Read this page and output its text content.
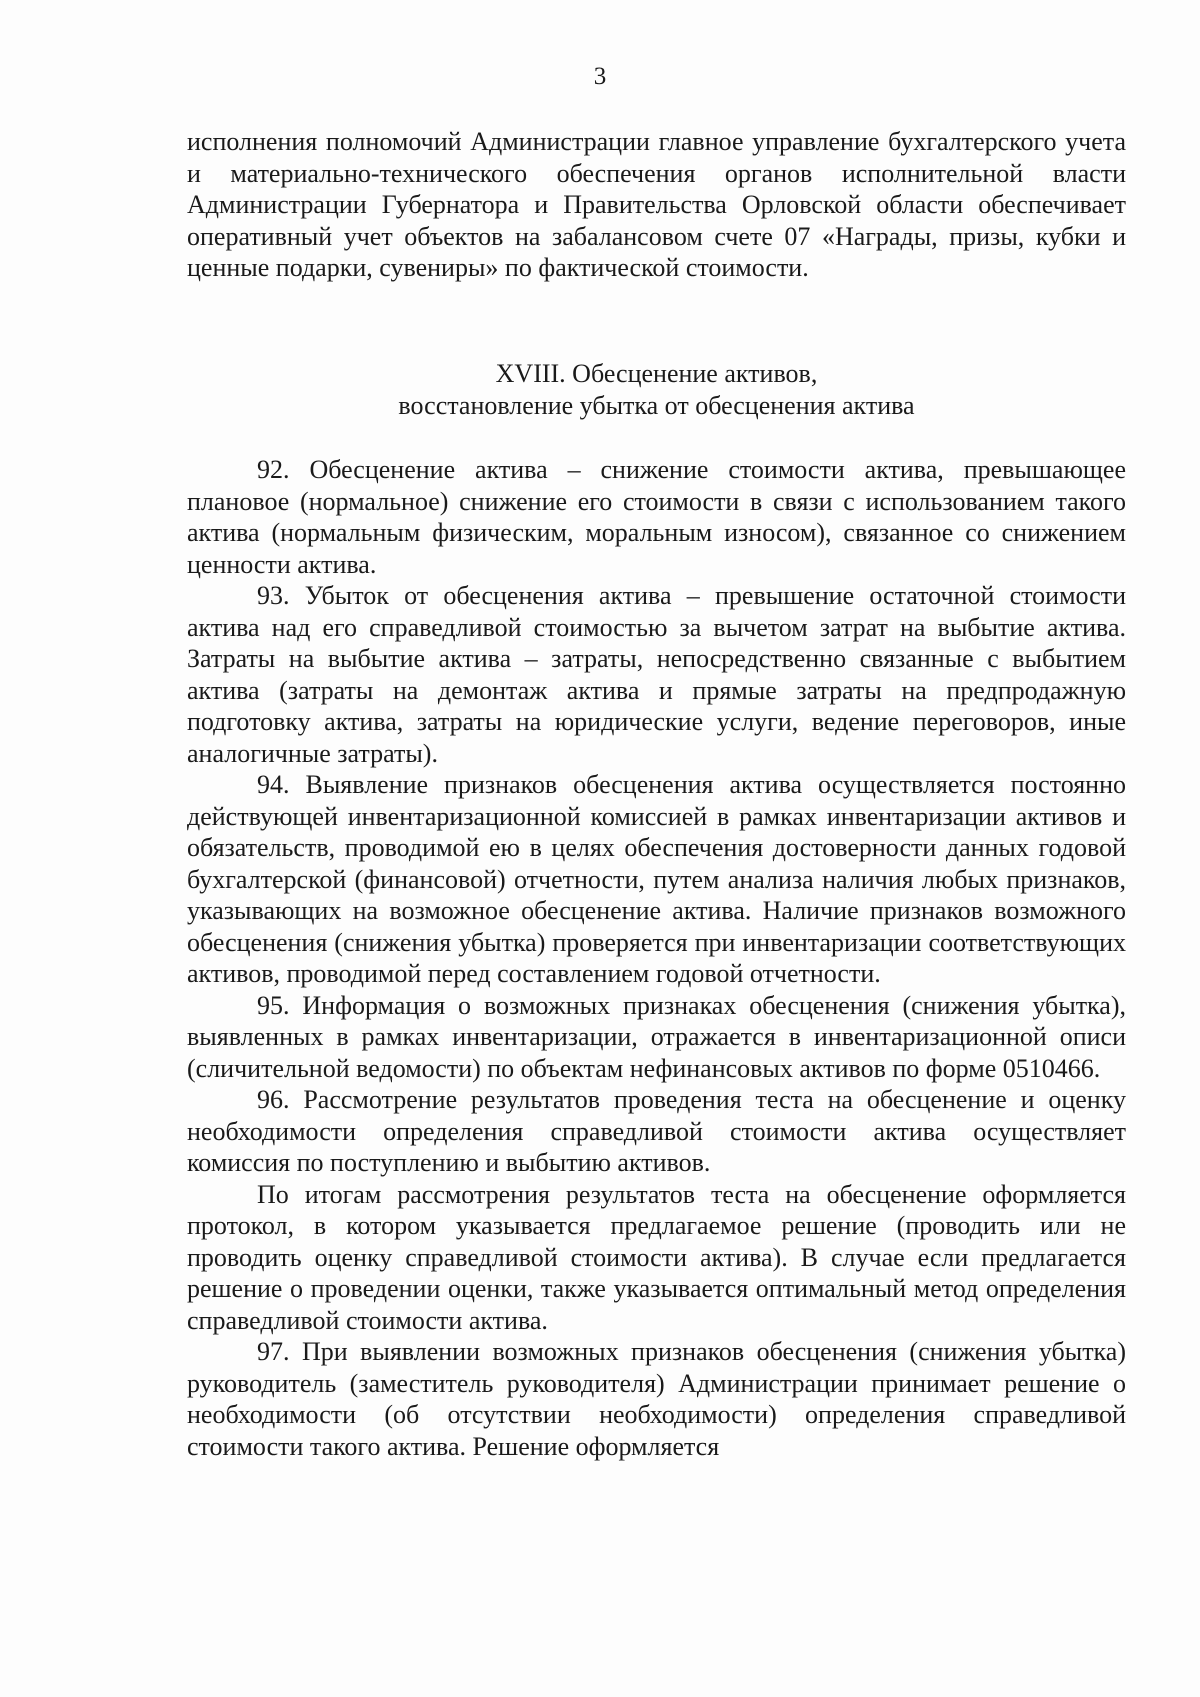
3
исполнения полномочий Администрации главное управление бухгалтерского учета и материально-технического обеспечения органов исполнительной власти Администрации Губернатора и Правительства Орловской области обеспечивает оперативный учет объектов на забалансовом счете 07 «Награды, призы, кубки и ценные подарки, сувениры» по фактической стоимости.
XVIII. Обесценение активов,
восстановление убытка от обесценения актива

92. Обесценение актива – снижение стоимости актива, превышающее плановое (нормальное) снижение его стоимости в связи с использованием такого актива (нормальным физическим, моральным износом), связанное со снижением ценности актива.

93. Убыток от обесценения актива – превышение остаточной стоимости актива над его справедливой стоимостью за вычетом затрат на выбытие актива. Затраты на выбытие актива – затраты, непосредственно связанные с выбытием актива (затраты на демонтаж актива и прямые затраты на предпродажную подготовку актива, затраты на юридические услуги, ведение переговоров, иные аналогичные затраты).

94. Выявление признаков обесценения актива осуществляется постоянно действующей инвентаризационной комиссией в рамках инвентаризации активов и обязательств, проводимой ею в целях обеспечения достоверности данных годовой бухгалтерской (финансовой) отчетности, путем анализа наличия любых признаков, указывающих на возможное обесценение актива. Наличие признаков возможного обесценения (снижения убытка) проверяется при инвентаризации соответствующих активов, проводимой перед составлением годовой отчетности.

95. Информация о возможных признаках обесценения (снижения убытка), выявленных в рамках инвентаризации, отражается в инвентаризационной описи (сличительной ведомости) по объектам нефинансовых активов по форме 0510466.

96. Рассмотрение результатов проведения теста на обесценение и оценку необходимости определения справедливой стоимости актива осуществляет комиссия по поступлению и выбытию активов.

По итогам рассмотрения результатов теста на обесценение оформляется протокол, в котором указывается предлагаемое решение (проводить или не проводить оценку справедливой стоимости актива). В случае если предлагается решение о проведении оценки, также указывается оптимальный метод определения справедливой стоимости актива.

97. При выявлении возможных признаков обесценения (снижения убытка) руководитель (заместитель руководителя) Администрации принимает решение о необходимости (об отсутствии необходимости) определения справедливой стоимости такого актива. Решение оформляется
